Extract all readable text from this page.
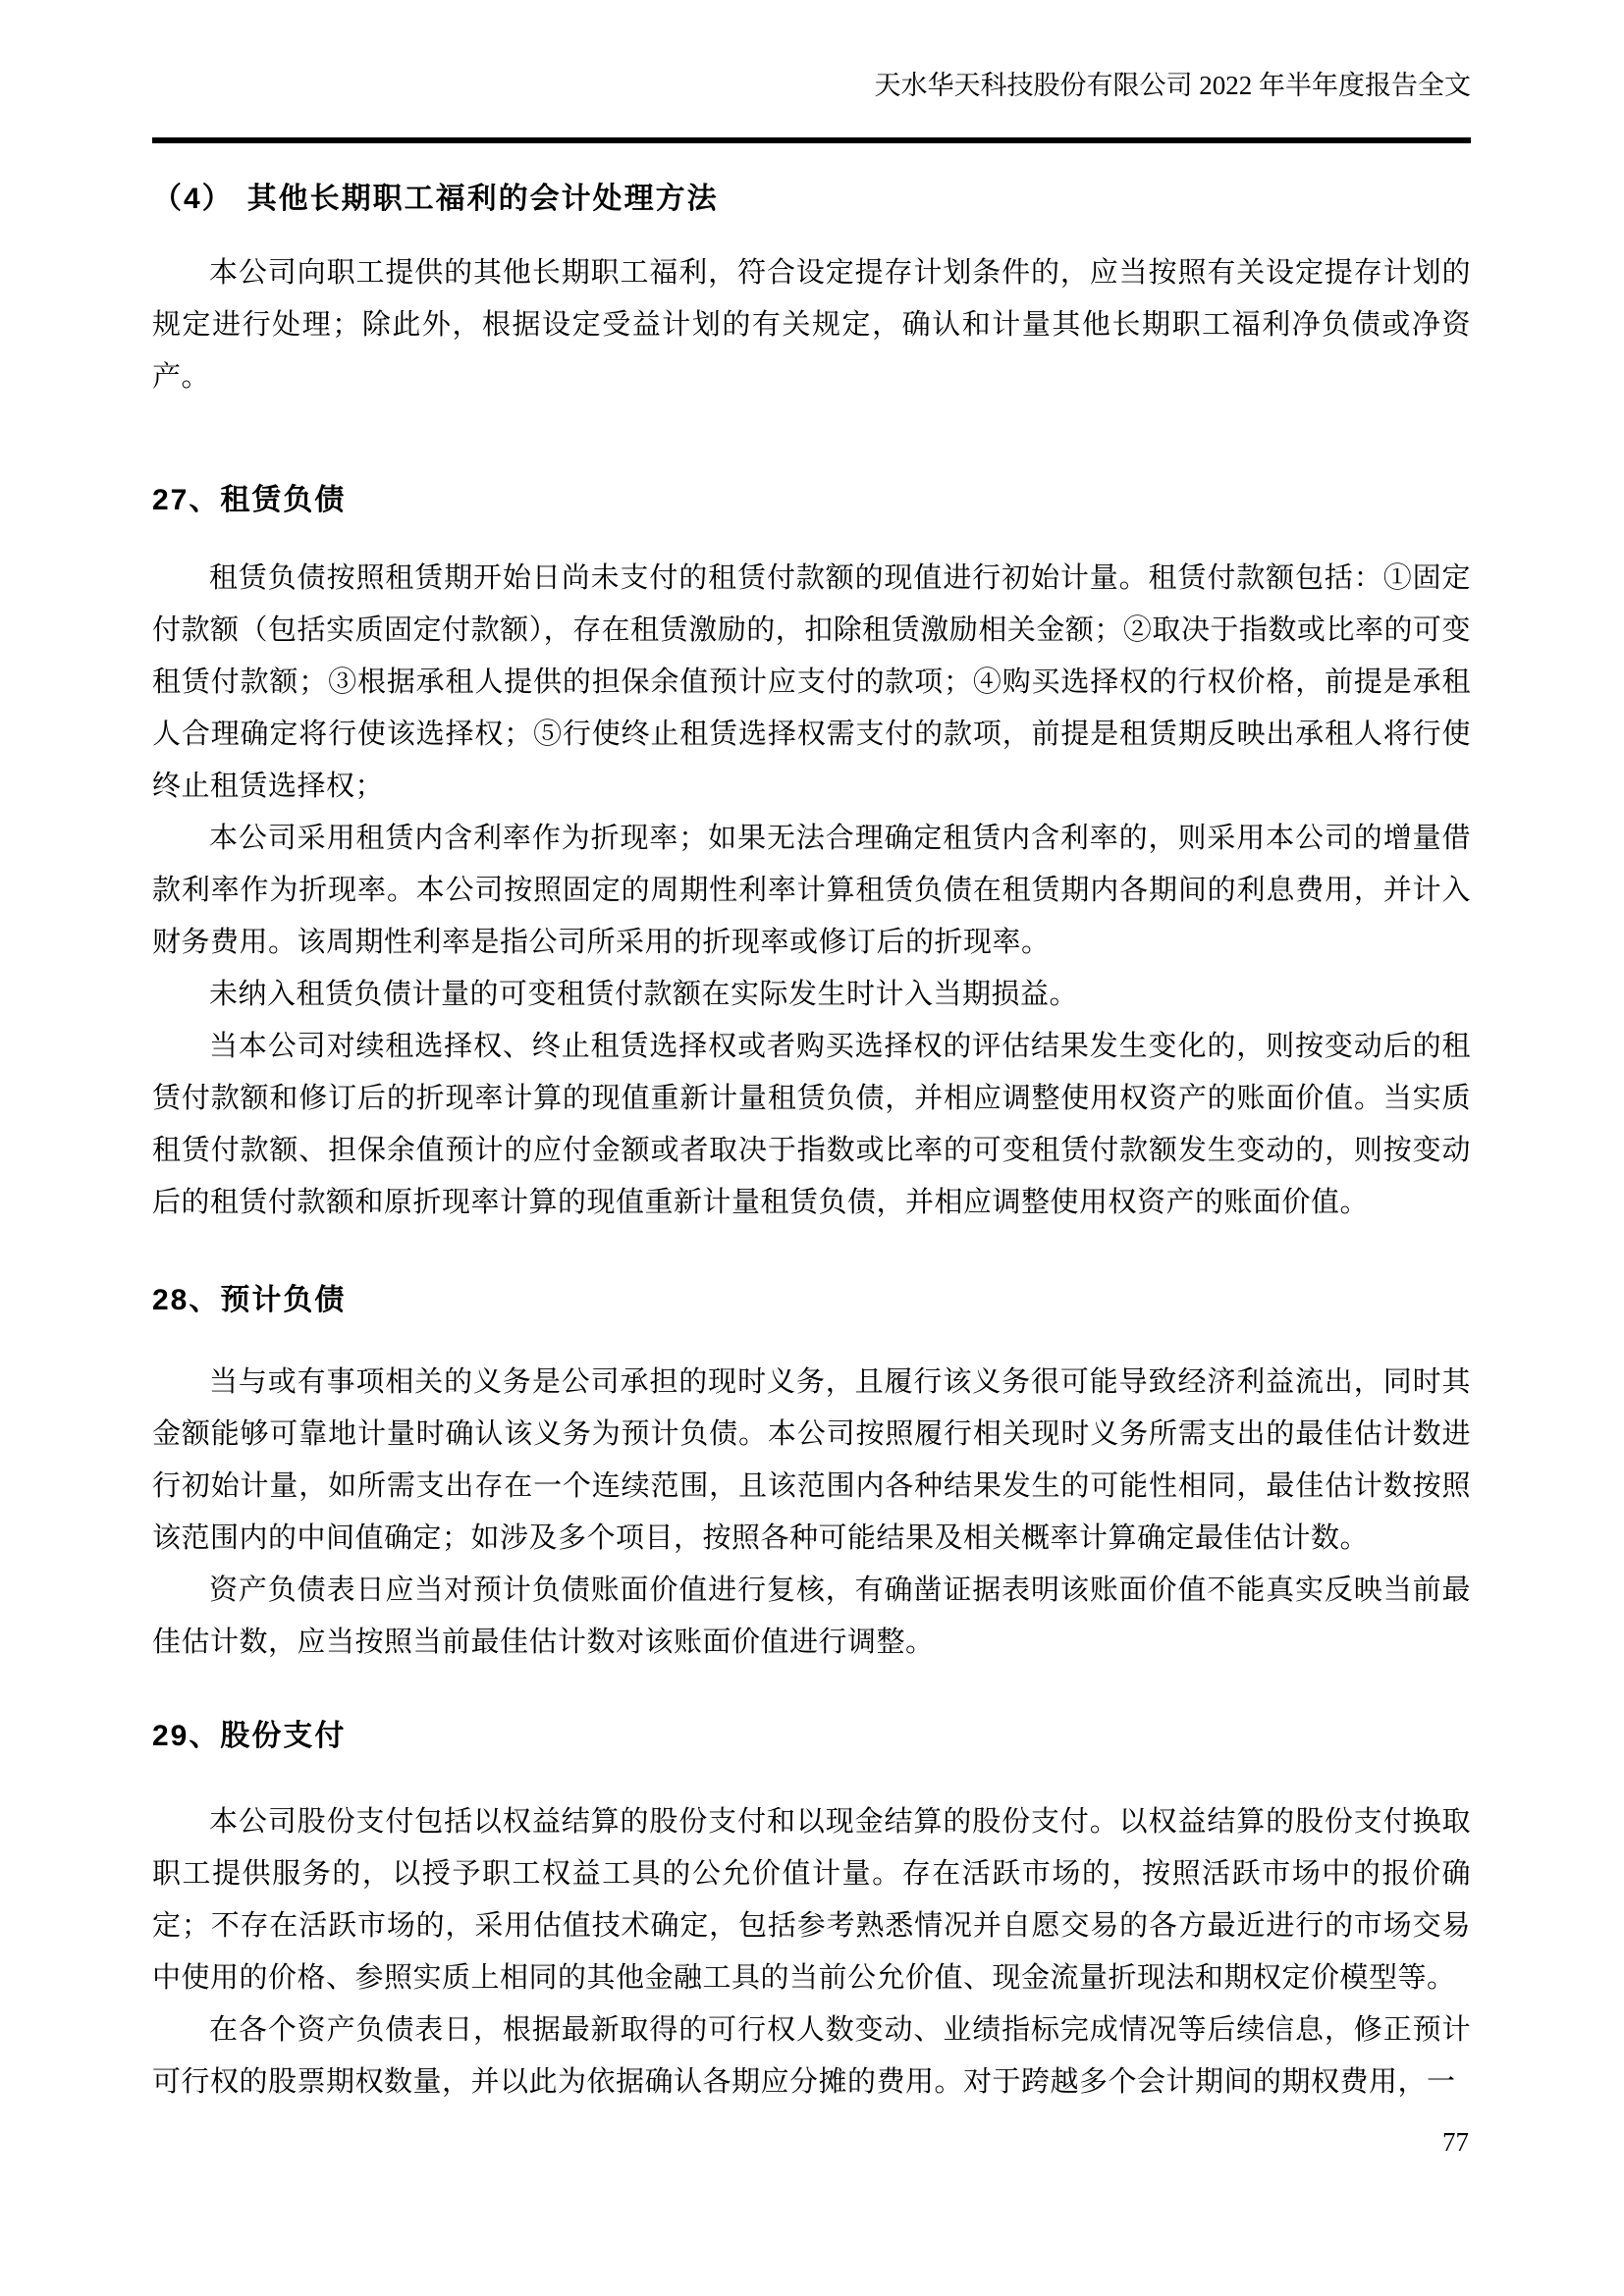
天水华天科技股份有限公司 2022 年半年度报告全文
（4） 其他长期职工福利的会计处理方法

本公司向职工提供的其他长期职工福利，符合设定提存计划条件的，应当按照有关设定提存计划的规定进行处理；除此外，根据设定受益计划的有关规定，确认和计量其他长期职工福利净负债或净资产。

27、租赁负债

租赁负债按照租赁期开始日尚未支付的租赁付款额的现值进行初始计量。租赁付款额包括：①固定付款额（包括实质固定付款额），存在租赁激励的，扣除租赁激励相关金额；②取决于指数或比率的可变租赁付款额；③根据承租人提供的担保余值预计应支付的款项；④购买选择权的行权价格，前提是承租人合理确定将行使该选择权；⑤行使终止租赁选择权需支付的款项，前提是租赁期反映出承租人将行使终止租赁选择权；

本公司采用租赁内含利率作为折现率；如果无法合理确定租赁内含利率的，则采用本公司的增量借款利率作为折现率。本公司按照固定的周期性利率计算租赁负债在租赁期内各期间的利息费用，并计入财务费用。该周期性利率是指公司所采用的折现率或修订后的折现率。

未纳入租赁负债计量的可变租赁付款额在实际发生时计入当期损益。

当本公司对续租选择权、终止租赁选择权或者购买选择权的评估结果发生变化的，则按变动后的租赁付款额和修订后的折现率计算的现值重新计量租赁负债，并相应调整使用权资产的账面价值。当实质租赁付款额、担保余值预计的应付金额或者取决于指数或比率的可变租赁付款额发生变动的，则按变动后的租赁付款额和原折现率计算的现值重新计量租赁负债，并相应调整使用权资产的账面价值。

28、预计负债

当与或有事项相关的义务是公司承担的现时义务，且履行该义务很可能导致经济利益流出，同时其金额能够可靠地计量时确认该义务为预计负债。本公司按照履行相关现时义务所需支出的最佳估计数进行初始计量，如所需支出存在一个连续范围，且该范围内各种结果发生的可能性相同，最佳估计数按照该范围内的中间值确定；如涉及多个项目，按照各种可能结果及相关概率计算确定最佳估计数。

资产负债表日应当对预计负债账面价值进行复核，有确凿证据表明该账面价值不能真实反映当前最佳估计数，应当按照当前最佳估计数对该账面价值进行调整。

29、股份支付

本公司股份支付包括以权益结算的股份支付和以现金结算的股份支付。以权益结算的股份支付换取职工提供服务的，以授予职工权益工具的公允价值计量。存在活跃市场的，按照活跃市场中的报价确定；不存在活跃市场的，采用估值技术确定，包括参考熟悉情况并自愿交易的各方最近进行的市场交易中使用的价格、参照实质上相同的其他金融工具的当前公允价值、现金流量折现法和期权定价模型等。

在各个资产负债表日，根据最新取得的可行权人数变动、业绩指标完成情况等后续信息，修正预计可行权的股票期权数量，并以此为依据确认各期应分摊的费用。对于跨越多个会计期间的期权费用，一

77
